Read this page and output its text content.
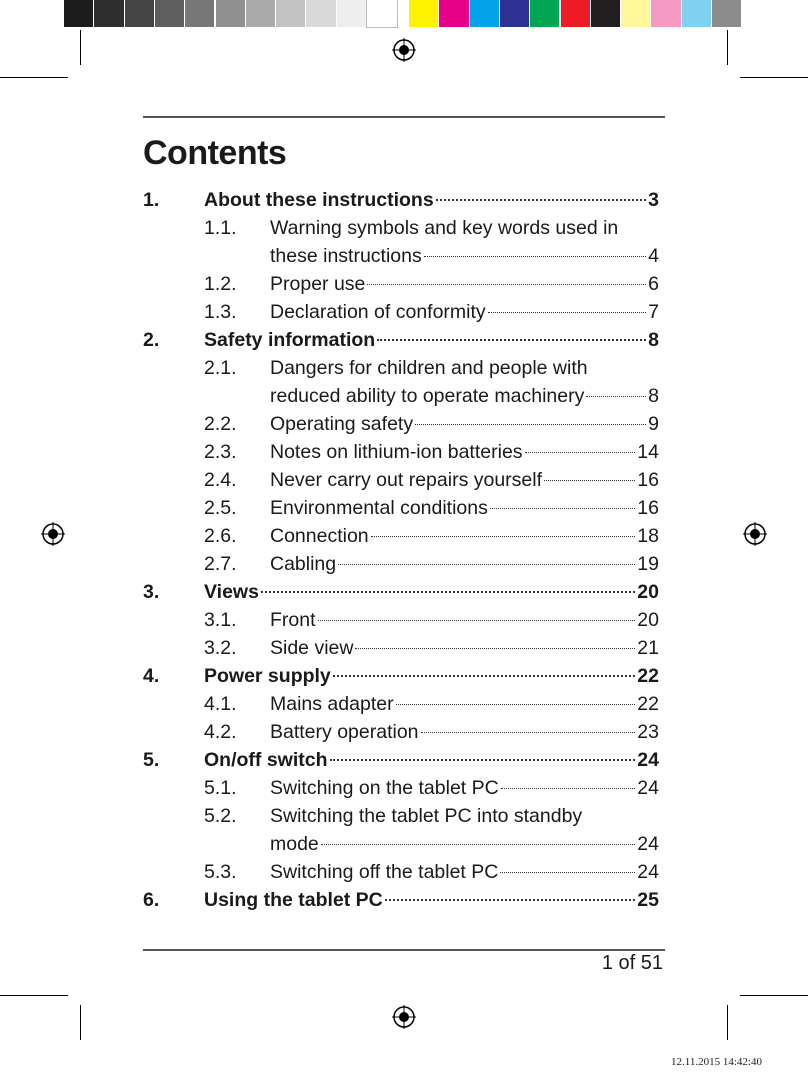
Contents
1. About these instructions	3
1.1. Warning symbols and key words used in
these instructions	4
1.2. Proper use	6
1.3. Declaration of conformity	7
2. Safety information	8
2.1. Dangers for children and people with
reduced ability to operate machinery	8
2.2. Operating safety	9
2.3. Notes on lithium-ion batteries	14
2.4. Never carry out repairs yourself	16
2.5. Environmental conditions	16
2.6. Connection	18
2.7. Cabling	19
3. Views	20
3.1. Front	20
3.2. Side view	21
4. Power supply	22
4.1. Mains adapter	22
4.2. Battery operation	23
5. On/off switch	24
5.1. Switching on the tablet PC	24
5.2. Switching the tablet PC into standby
mode	24
5.3. Switching off the tablet PC	24
6. Using the tablet PC	25
1 of 51
12.11.2015 14:42:40
